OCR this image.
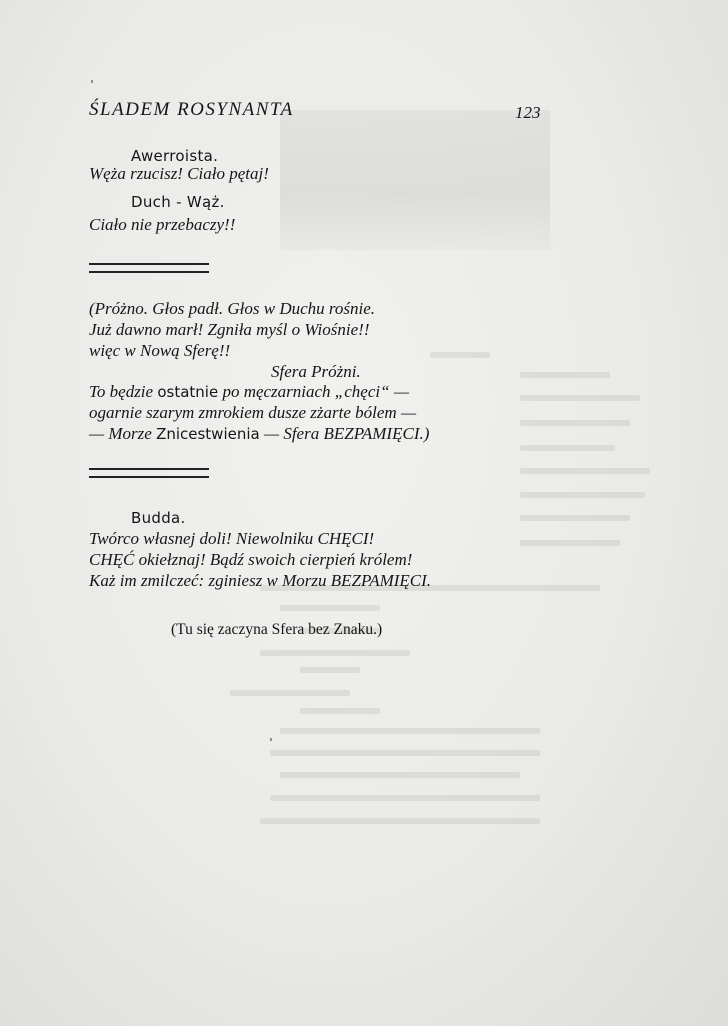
ŚLADEM ROSYNANTA	123
Awerroista.
Węża rzucisz! Ciało pętaj!
Duch - Wąż.
Ciało nie przebaczy!!
(Próżno. Głos padł. Głos w Duchu rośnie.
Już dawno marł! Zgniła myśl o Wiośnie!!
więc w Nową Sferę!!
Sfera Próżni.
To będzie ostatnie po męczarniach „chęci“ —
ogarnie szarym zmrokiem dusze zżarte bólem —
— Morze Znicestwienia — Sfera BEZPAMIĘCI.)
Budda.
Twórco własnej doli! Niewolniku CHĘCI!
CHĘĆ okiełznaj! Bądź swoich cierpień królem!
Każ im zmilczeć: zginiesz w Morzu BEZPAMIĘCI.
(Tu się zaczyna Sfera bez Znaku.)
